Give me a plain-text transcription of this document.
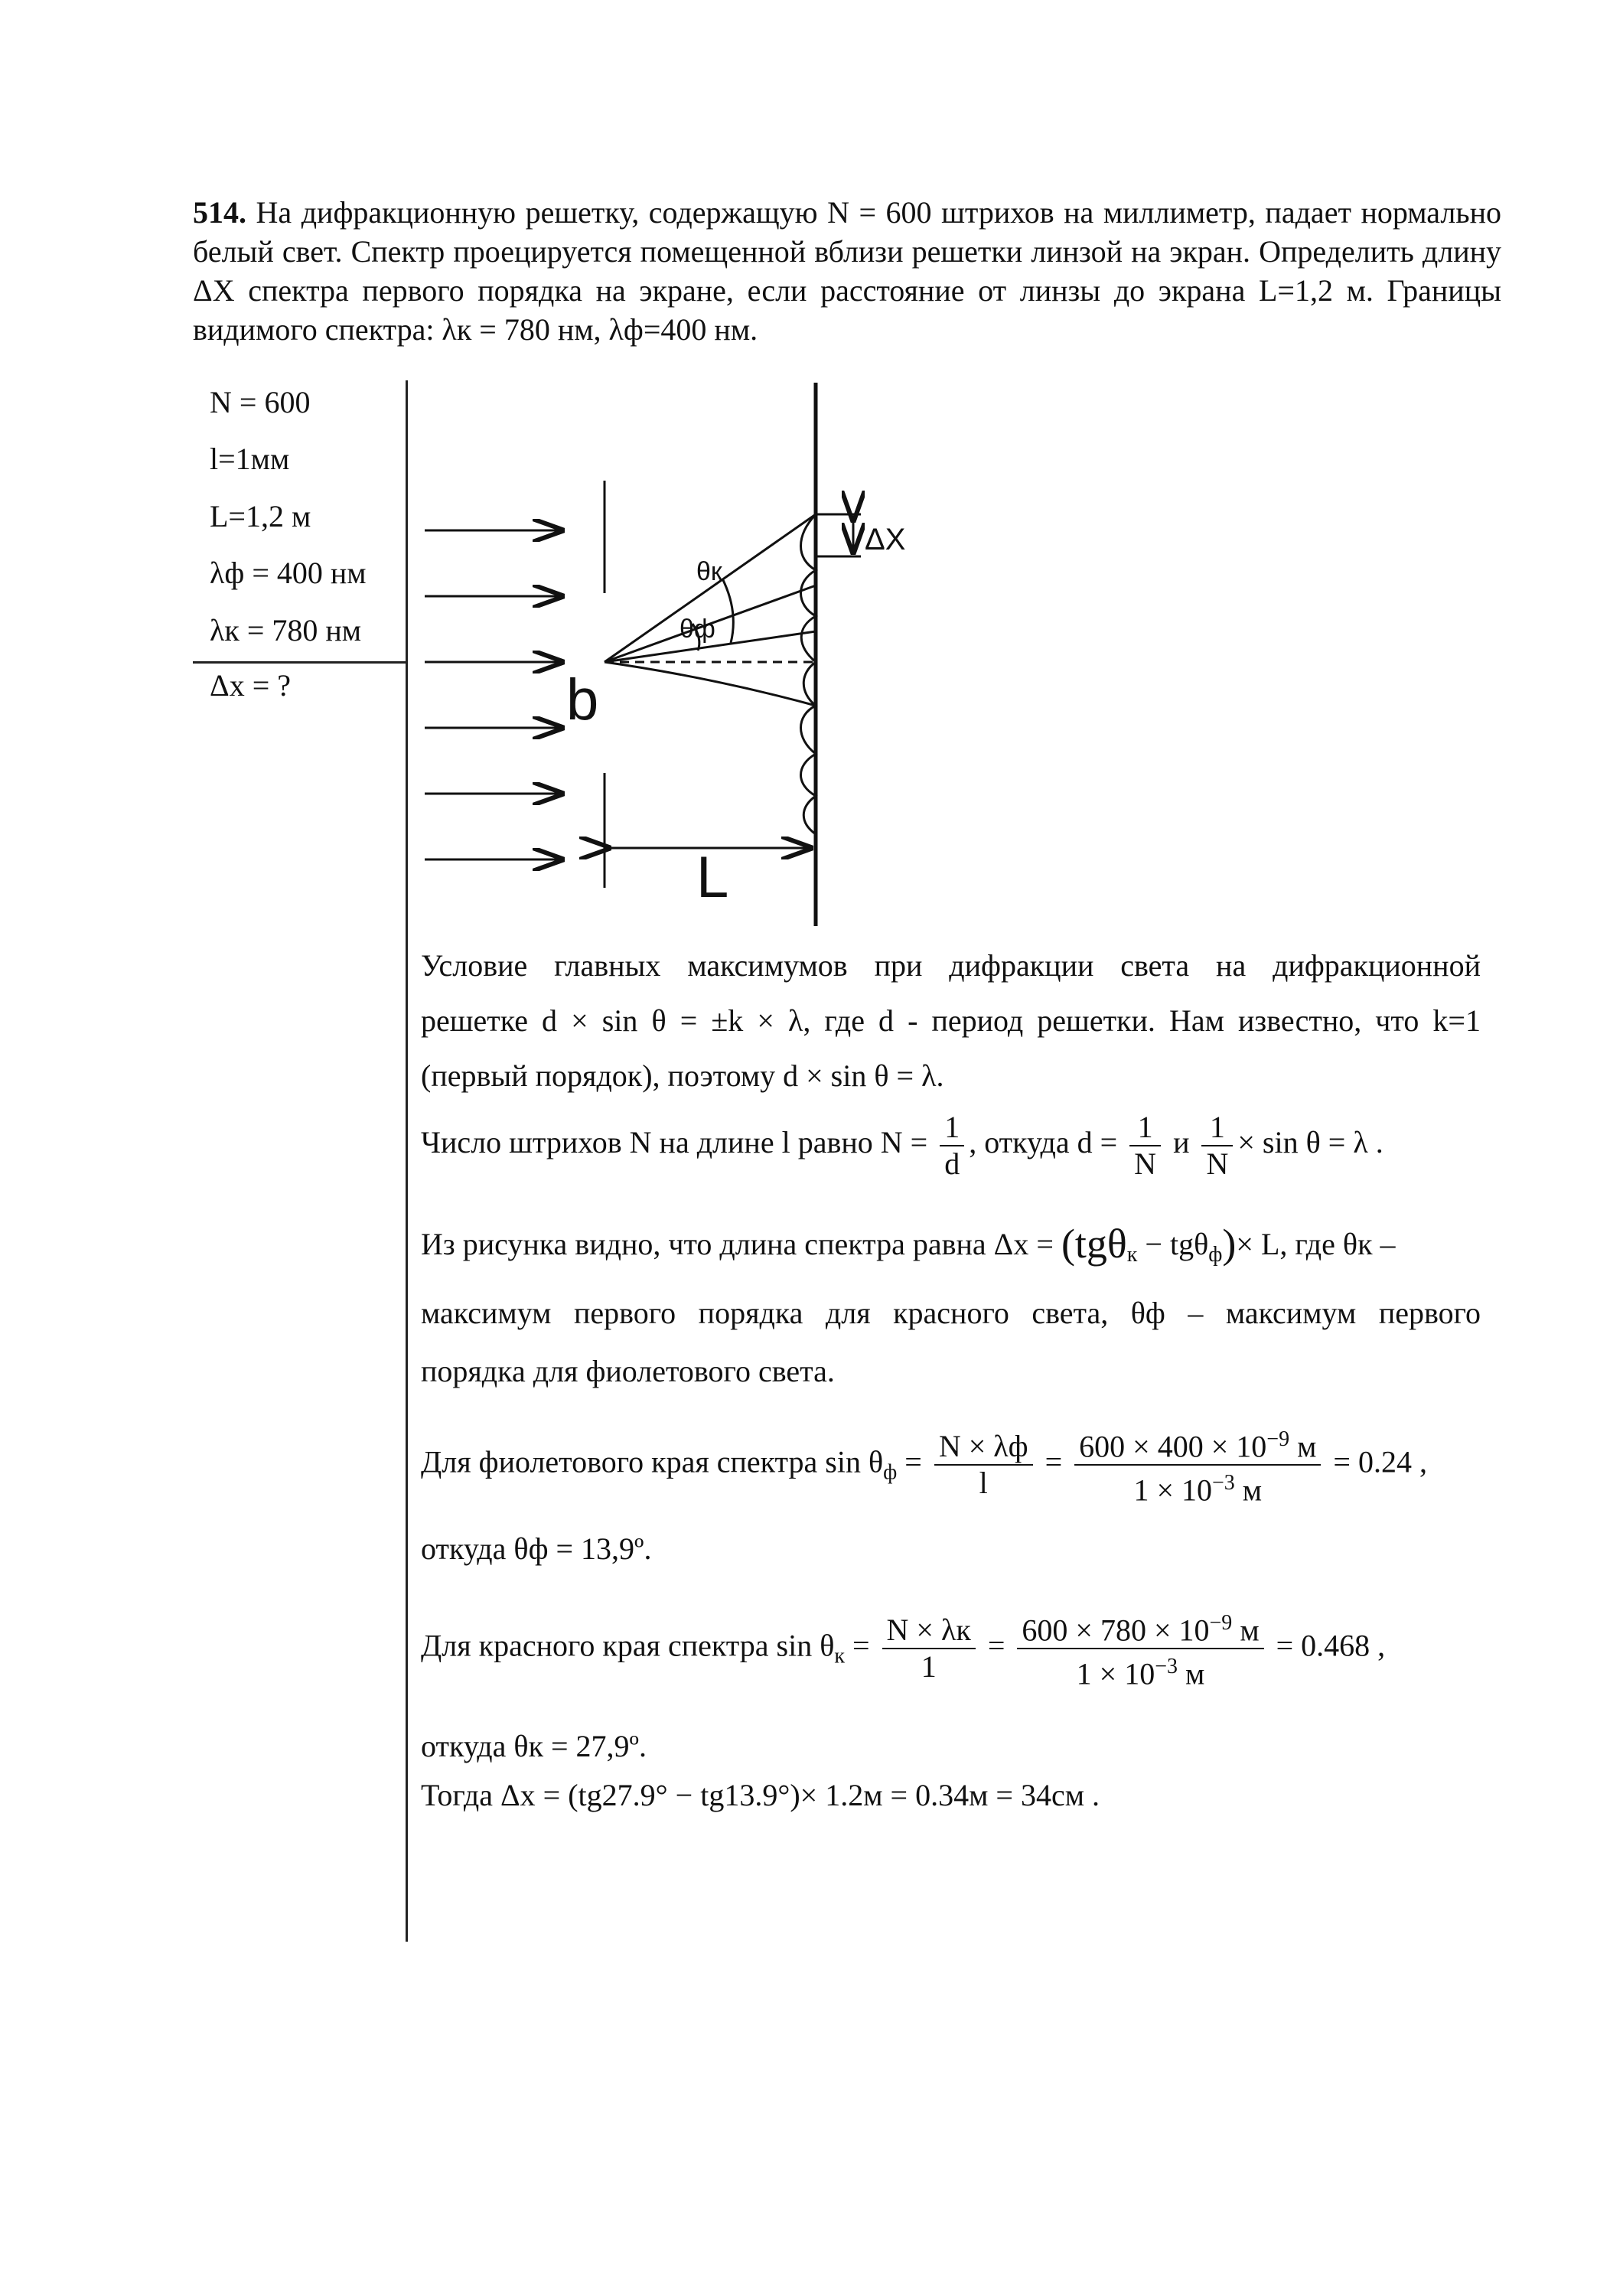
514. На дифракционную решетку, содержащую N = 600 штрихов на миллиметр, падает нормально белый свет. Спектр проецируется помещенной вблизи решетки линзой на экран. Определить длину ΔX спектра первого порядка на экране, если расстояние от линзы до экрана L=1,2 м. Границы видимого спектра: λк = 780 нм, λф=400 нм.
N = 600
l=1мм
L=1,2 м
λф = 400 нм
λк = 780 нм
Δx = ?
ΔX
θк
θф
b
L
Условие главных максимумов при дифракции света на дифракционной
решетке d × sin θ = ±k × λ, где d - период решетки. Нам известно, что k=1
(первый порядок), поэтому d × sin θ = λ.
Число штрихов N на длине l равно $N = \frac{1}{d}$ , откуда $d = \frac{1}{N}$ и $\frac{1}{N} \times \sin \theta = \lambda$ .
Из рисунка видно, что длина спектра равна Δx = (tgθ$_к$ − tgθ$_ф$)× L, где θк –
максимум первого порядка для красного света, θф – максимум первого
порядка для фиолетового света.
Для фиолетового края спектра $\sin \theta_ф = \frac{N \times \lambda ф}{l} = \frac{600 \times 400 \times 10^{-9} м}{1 \times 10^{-3} м} = 0.24$ ,
откуда θф = 13,9º.
Для красного края спектра $\sin \theta_к = \frac{N \times \lambda к}{1} = \frac{600 \times 780 \times 10^{-9} м}{1 \times 10^{-3} м} = 0.468$ ,
откуда θк = 27,9º.
Тогда Δx = (tg27.9° − tg13.9°)× 1.2м = 0.34м = 34см .
